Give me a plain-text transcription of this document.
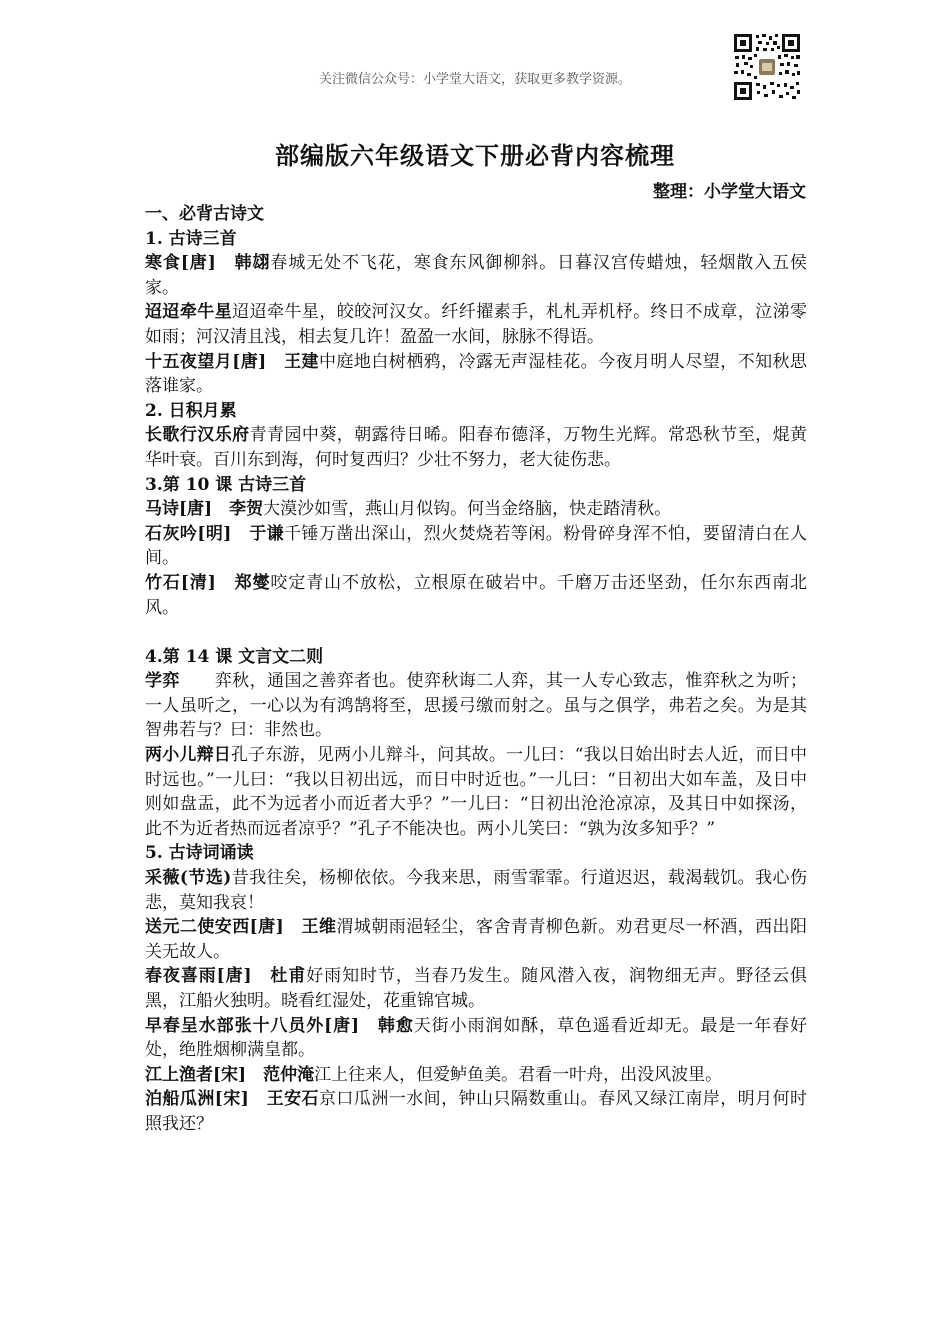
关注微信公众号：小学堂大语文，获取更多教学资源。
部编版六年级语文下册必背内容梳理
整理：小学堂大语文
一、必背古诗文
1. 古诗三首
寒食[唐]　韩翃春城无处不飞花，寒食东风御柳斜。日暮汉宫传蜡烛，轻烟散入五侯家。
迢迢牵牛星迢迢牵牛星，皎皎河汉女。纤纤擢素手，札札弄机杼。终日不成章，泣涕零如雨；河汉清且浅，相去复几许！盈盈一水间，脉脉不得语。
十五夜望月[唐]　王建中庭地白树栖鸦，冷露无声湿桂花。今夜月明人尽望，不知秋思落谁家。
2. 日积月累
长歌行汉乐府青青园中葵，朝露待日晞。阳春布德泽，万物生光辉。常恐秋节至，焜黄华叶衰。百川东到海，何时复西归？少壮不努力，老大徒伤悲。
3.第 10 课 古诗三首
马诗[唐]　李贺大漠沙如雪，燕山月似钩。何当金络脑，快走踏清秋。
石灰吟[明]　于谦千锤万凿出深山，烈火焚烧若等闲。粉骨碎身浑不怕，要留清白在人间。
竹石[清]　郑燮咬定青山不放松，立根原在破岩中。千磨万击还坚劲，任尔东西南北风。
4.第 14 课 文言文二则
学弈　　弈秋，通国之善弈者也。使弈秋诲二人弈，其一人专心致志，惟弈秋之为听；一人虽听之，一心以为有鸿鹄将至，思援弓缴而射之。虽与之俱学，弗若之矣。为是其智弗若与？曰：非然也。
两小儿辩日孔子东游，见两小儿辩斗，问其故。一儿曰：“我以日始出时去人近，而日中时远也。”一儿曰：“我以日初出远，而日中时近也。”一儿曰：“日初出大如车盖，及日中则如盘盂，此不为远者小而近者大乎？”一儿曰：“日初出沧沧凉凉，及其日中如探汤，此不为近者热而远者凉乎？”孔子不能决也。两小儿笑曰：“孰为汝多知乎？”
5. 古诗词诵读
采薇(节选)昔我往矣，杨柳依依。今我来思，雨雪霏霏。行道迟迟，载渴载饥。我心伤悲，莫知我哀！
送元二使安西[唐]　王维渭城朝雨浥轻尘，客舍青青柳色新。劝君更尽一杯酒，西出阳关无故人。
春夜喜雨[唐]　杜甫好雨知时节，当春乃发生。随风潜入夜，润物细无声。野径云俱黑，江船火独明。晓看红湿处，花重锦官城。
早春呈水部张十八员外[唐]　韩愈天街小雨润如酥，草色遥看近却无。最是一年春好处，绝胜烟柳满皇都。
江上渔者[宋]　范仲淹江上往来人，但爱鲈鱼美。君看一叶舟，出没风波里。
泊船瓜洲[宋]　王安石京口瓜洲一水间，钟山只隔数重山。春风又绿江南岸，明月何时照我还？
